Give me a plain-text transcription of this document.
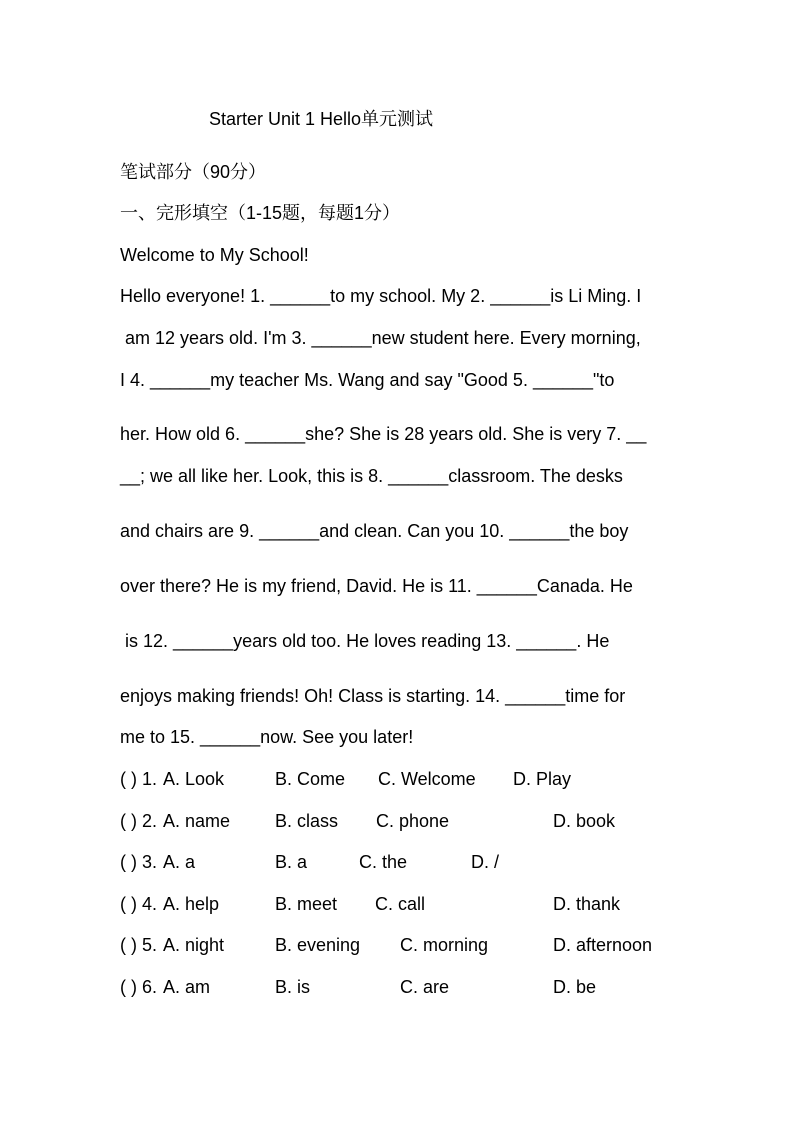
Starter Unit 1 Hello单元测试
笔试部分（90分）
一、完形填空（1-15题，每题1分）
Welcome to My School!
Hello everyone! 1. ______to my school. My 2. ______is Li Ming. I
am 12 years old. I'm 3. ______new student here. Every morning,
I 4. ______my teacher Ms. Wang and say "Good 5. ______"to
her. How old 6. ______she? She is 28 years old. She is very 7. __
__; we all like her. Look, this is 8. ______classroom. The desks
and chairs are 9. ______and clean. Can you 10. ______the boy
over there? He is my friend, David. He is 11. ______Canada. He
is 12. ______years old too. He loves reading 13. ______. He
enjoys making friends! Oh! Class is starting. 14. ______time for
me to 15. ______now. See you later!
( ) 1. A. Look	B. Come C. Welcome D. Play
( ) 2. A. name B. class C. phone	D. book
( ) 3. A. a	B. a	C. the	D. /
( ) 4. A. help	B. meet C. call	D. thank
( ) 5. A. night	B. evening C. morning	D. afternoon
( ) 6. A. am	B. is	C. are	D. be
